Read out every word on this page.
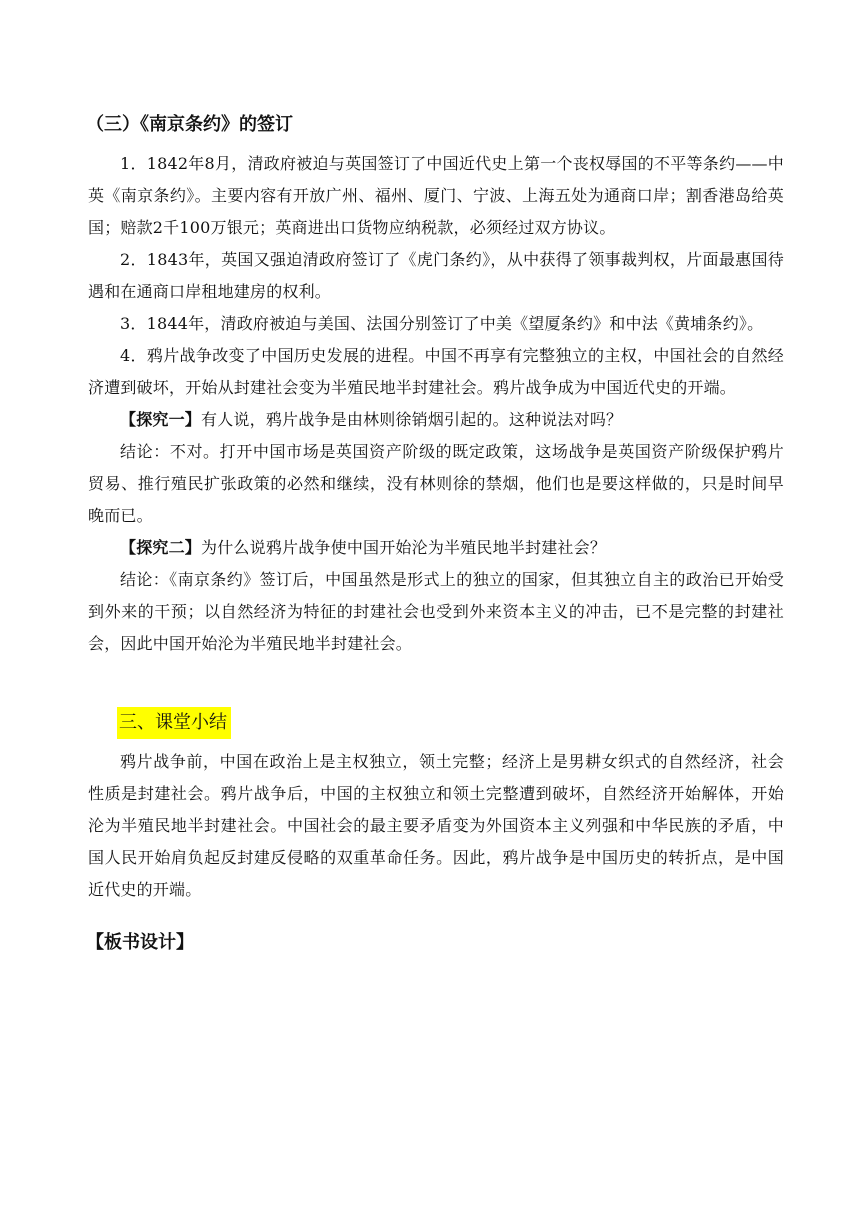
（三）《南京条约》的签订

1．1842年8月，清政府被迫与英国签订了中国近代史上第一个丧权辱国的不平等条约——中英《南京条约》。主要内容有开放广州、福州、厦门、宁波、上海五处为通商口岸；割香港岛给英国；赔款2千100万银元；英商进出口货物应纳税款，必须经过双方协议。

2．1843年，英国又强迫清政府签订了《虎门条约》，从中获得了领事裁判权，片面最惠国待遇和在通商口岸租地建房的权利。

3．1844年，清政府被迫与美国、法国分别签订了中美《望厦条约》和中法《黄埔条约》。

4．鸦片战争改变了中国历史发展的进程。中国不再享有完整独立的主权，中国社会的自然经济遭到破坏，开始从封建社会变为半殖民地半封建社会。鸦片战争成为中国近代史的开端。

【探究一】有人说，鸦片战争是由林则徐销烟引起的。这种说法对吗？

结论：不对。打开中国市场是英国资产阶级的既定政策，这场战争是英国资产阶级保护鸦片贸易、推行殖民扩张政策的必然和继续，没有林则徐的禁烟，他们也是要这样做的，只是时间早晚而已。

【探究二】为什么说鸦片战争使中国开始沦为半殖民地半封建社会？

结论：《南京条约》签订后，中国虽然是形式上的独立的国家，但其独立自主的政治已开始受到外来的干预；以自然经济为特征的封建社会也受到外来资本主义的冲击，已不是完整的封建社会，因此中国开始沦为半殖民地半封建社会。

三、课堂小结

鸦片战争前，中国在政治上是主权独立，领土完整；经济上是男耕女织式的自然经济，社会性质是封建社会。鸦片战争后，中国的主权独立和领土完整遭到破坏，自然经济开始解体，开始沦为半殖民地半封建社会。中国社会的最主要矛盾变为外国资本主义列强和中华民族的矛盾，中国人民开始肩负起反封建反侵略的双重革命任务。因此，鸦片战争是中国历史的转折点，是中国近代史的开端。

【板书设计】
